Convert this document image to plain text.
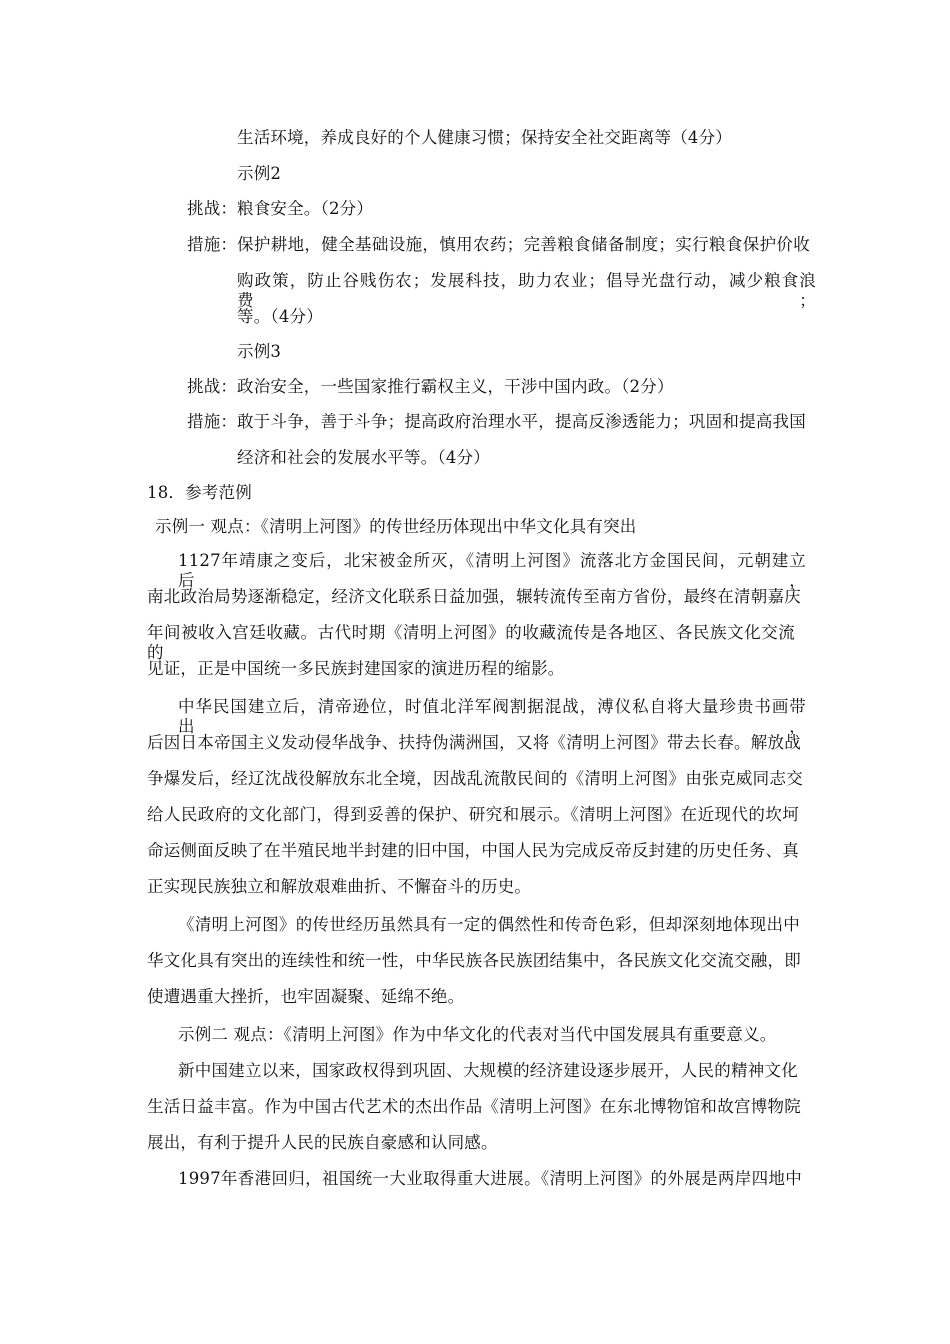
生活环境，养成良好的个人健康习惯；保持安全社交距离等（4分）
示例2
挑战： 粮食安全。（2分）
措施： 保护耕地，健全基础设施，慎用农药；完善粮食储备制度；实行粮食保护价收
购政策，防止谷贱伤农；发展科技，助力农业；倡导光盘行动，减少粮食浪费；
等。（4分）
示例3
挑战： 政治安全，一些国家推行霸权主义，干涉中国内政。（2分）
措施： 敢于斗争，善于斗争；提高政府治理水平，提高反渗透能力；巩固和提高我国
经济和社会的发展水平等。（4分）
18．参考范例
示例一 观点：《清明上河图》的传世经历体现出中华文化具有突出
1127年靖康之变后，北宋被金所灭，《清明上河图》流落北方金国民间，元朝建立后，
南北政治局势逐渐稳定，经济文化联系日益加强，辗转流传至南方省份，最终在清朝嘉庆
年间被收入宫廷收藏。古代时期《清明上河图》的收藏流传是各地区、各民族文化交流的
见证，正是中国统一多民族封建国家的演进历程的缩影。
中华民国建立后，清帝逊位，时值北洋军阀割据混战，溥仪私自将大量珍贵书画带出，
后因日本帝国主义发动侵华战争、扶持伪满洲国，又将《清明上河图》带去长春。解放战
争爆发后，经辽沈战役解放东北全境，因战乱流散民间的《清明上河图》由张克威同志交
给人民政府的文化部门，得到妥善的保护、研究和展示。《清明上河图》在近现代的坎坷
命运侧面反映了在半殖民地半封建的旧中国，中国人民为完成反帝反封建的历史任务、真
正实现民族独立和解放艰难曲折、不懈奋斗的历史。
《清明上河图》的传世经历虽然具有一定的偶然性和传奇色彩，但却深刻地体现出中
华文化具有突出的连续性和统一性，中华民族各民族团结集中，各民族文化交流交融，即
使遭遇重大挫折，也牢固凝聚、延绵不绝。
示例二 观点：《清明上河图》作为中华文化的代表对当代中国发展具有重要意义。
新中国建立以来，国家政权得到巩固、大规模的经济建设逐步展开，人民的精神文化
生活日益丰富。作为中国古代艺术的杰出作品《清明上河图》在东北博物馆和故宫博物院
展出，有利于提升人民的民族自豪感和认同感。
1997年香港回归，祖国统一大业取得重大进展。《清明上河图》的外展是两岸四地中
